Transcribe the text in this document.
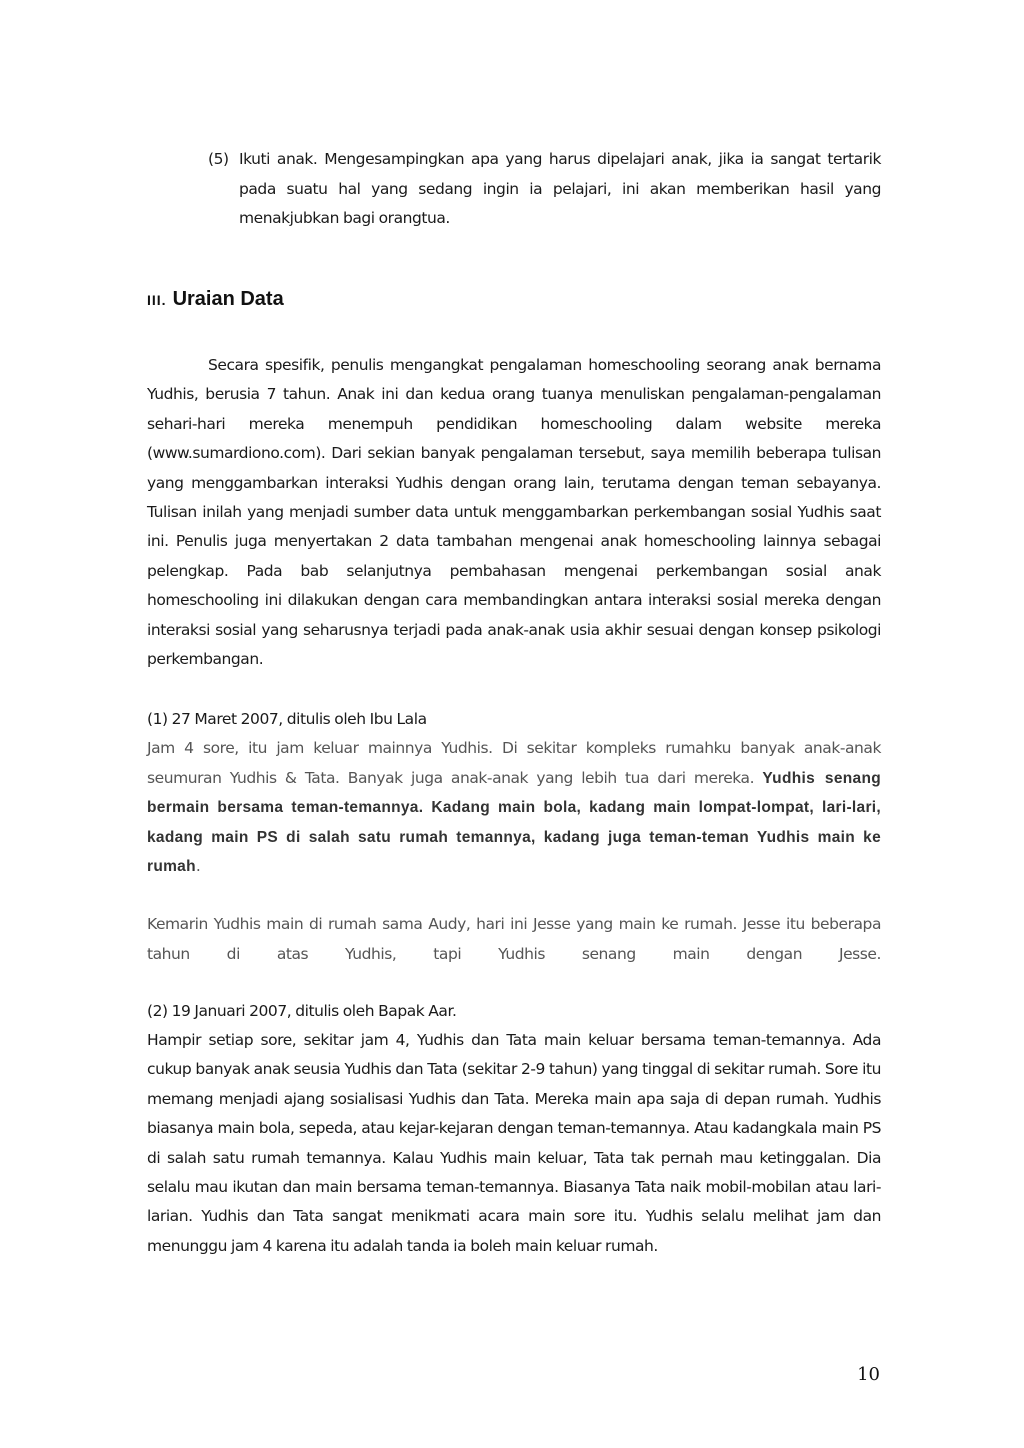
(5) Ikuti anak. Mengesampingkan apa yang harus dipelajari anak, jika ia sangat tertarik pada suatu hal yang sedang ingin ia pelajari, ini akan memberikan hasil yang menakjubkan bagi orangtua.
III. Uraian Data

Secara spesifik, penulis mengangkat pengalaman homeschooling seorang anak bernama Yudhis, berusia 7 tahun. Anak ini dan kedua orang tuanya menuliskan pengalaman-pengalaman sehari-hari mereka menempuh pendidikan homeschooling dalam website mereka (www.sumardiono.com). Dari sekian banyak pengalaman tersebut, saya memilih beberapa tulisan yang menggambarkan interaksi Yudhis dengan orang lain, terutama dengan teman sebayanya. Tulisan inilah yang menjadi sumber data untuk menggambarkan perkembangan sosial Yudhis saat ini. Penulis juga menyertakan 2 data tambahan mengenai anak homeschooling lainnya sebagai pelengkap. Pada bab selanjutnya pembahasan mengenai perkembangan sosial anak homeschooling ini dilakukan dengan cara membandingkan antara interaksi sosial mereka dengan interaksi sosial yang seharusnya terjadi pada anak-anak usia akhir sesuai dengan konsep psikologi perkembangan.

(1) 27 Maret 2007, ditulis oleh Ibu Lala

Jam 4 sore, itu jam keluar mainnya Yudhis. Di sekitar kompleks rumahku banyak anak-anak seumuran Yudhis & Tata. Banyak juga anak-anak yang lebih tua dari mereka. Yudhis senang bermain bersama teman-temannya. Kadang main bola, kadang main lompat-lompat, lari-lari, kadang main PS di salah satu rumah temannya, kadang juga teman-teman Yudhis main ke rumah.

Kemarin Yudhis main di rumah sama Audy, hari ini Jesse yang main ke rumah. Jesse itu beberapa tahun di atas Yudhis, tapi Yudhis senang main dengan Jesse.

(2) 19 Januari 2007, ditulis oleh Bapak Aar.

Hampir setiap sore, sekitar jam 4, Yudhis dan Tata main keluar bersama teman-temannya. Ada cukup banyak anak seusia Yudhis dan Tata (sekitar 2-9 tahun) yang tinggal di sekitar rumah. Sore itu memang menjadi ajang sosialisasi Yudhis dan Tata. Mereka main apa saja di depan rumah. Yudhis biasanya main bola, sepeda, atau kejar-kejaran dengan teman-temannya. Atau kadangkala main PS di salah satu rumah temannya. Kalau Yudhis main keluar, Tata tak pernah mau ketinggalan. Dia selalu mau ikutan dan main bersama teman-temannya. Biasanya Tata naik mobil-mobilan atau lari-larian. Yudhis dan Tata sangat menikmati acara main sore itu. Yudhis selalu melihat jam dan menunggu jam 4 karena itu adalah tanda ia boleh main keluar rumah.

10
